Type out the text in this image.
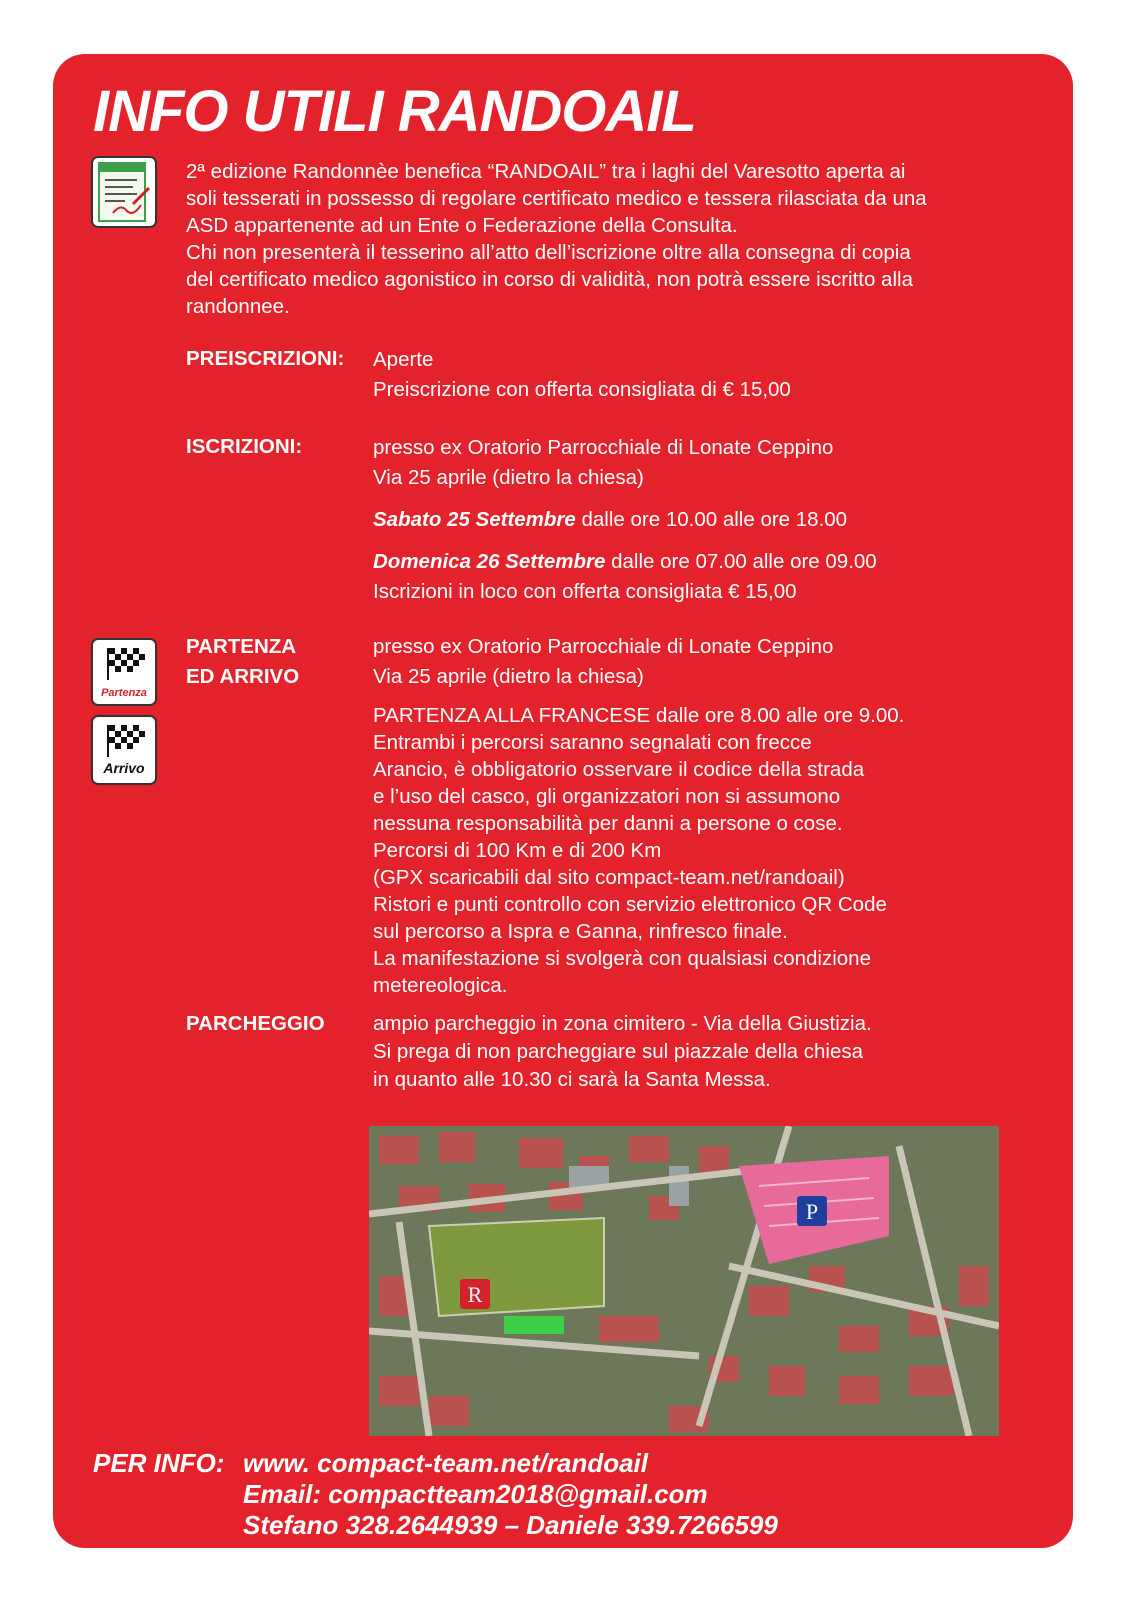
INFO UTILI RANDOAIL
2ª edizione Randonnèe benefica “RANDOAIL” tra i laghi del Varesotto aperta ai
soli tesserati in possesso di regolare certificato medico e tessera rilasciata da una
ASD appartenente ad un Ente o Federazione della Consulta.
Chi non presenterà il tesserino all’atto dell’iscrizione oltre alla consegna di copia
del certificato medico agonistico in corso di validità, non potrà essere iscritto alla
randonnee.
PREISCRIZIONI: Aperte

Preiscrizione con offerta consigliata di € 15,00

ISCRIZIONI:	presso ex Oratorio Parrocchiale di Lonate Ceppino

Via 25 aprile (dietro la chiesa)

Sabato 25 Settembre dalle ore 10.00 alle ore 18.00

Domenica 26 Settembre dalle ore 07.00 alle ore 09.00

Iscrizioni in loco con offerta consigliata € 15,00

Partenza
Arrivo
PARTENZA
ED ARRIVO

presso ex Oratorio Parrocchiale di Lonate Ceppino

Via 25 aprile (dietro la chiesa)

PARTENZA ALLA FRANCESE dalle ore 8.00 alle ore 9.00.

Entrambi i percorsi saranno segnalati con frecce

Arancio, è obbligatorio osservare il codice della strada

e l’uso del casco, gli organizzatori non si assumono

nessuna responsabilità per danni a persone o cose.

Percorsi di 100 Km e di 200 Km

(GPX scaricabili dal sito compact-team.net/randoail)

Ristori e punti controllo con servizio elettronico QR Code

sul percorso a Ispra e Ganna, rinfresco finale.

La manifestazione si svolgerà con qualsiasi condizione

metereologica.

PARCHEGGIO ampio parcheggio in zona cimitero - Via della Giustizia.

Si prega di non parcheggiare sul piazzale della chiesa

in quanto alle 10.30 ci sarà la Santa Messa.

P
R
PER INFO: www. compact-team.net/randoail
Email: compactteam2018@gmail.com
Stefano 328.2644939 – Daniele 339.7266599
